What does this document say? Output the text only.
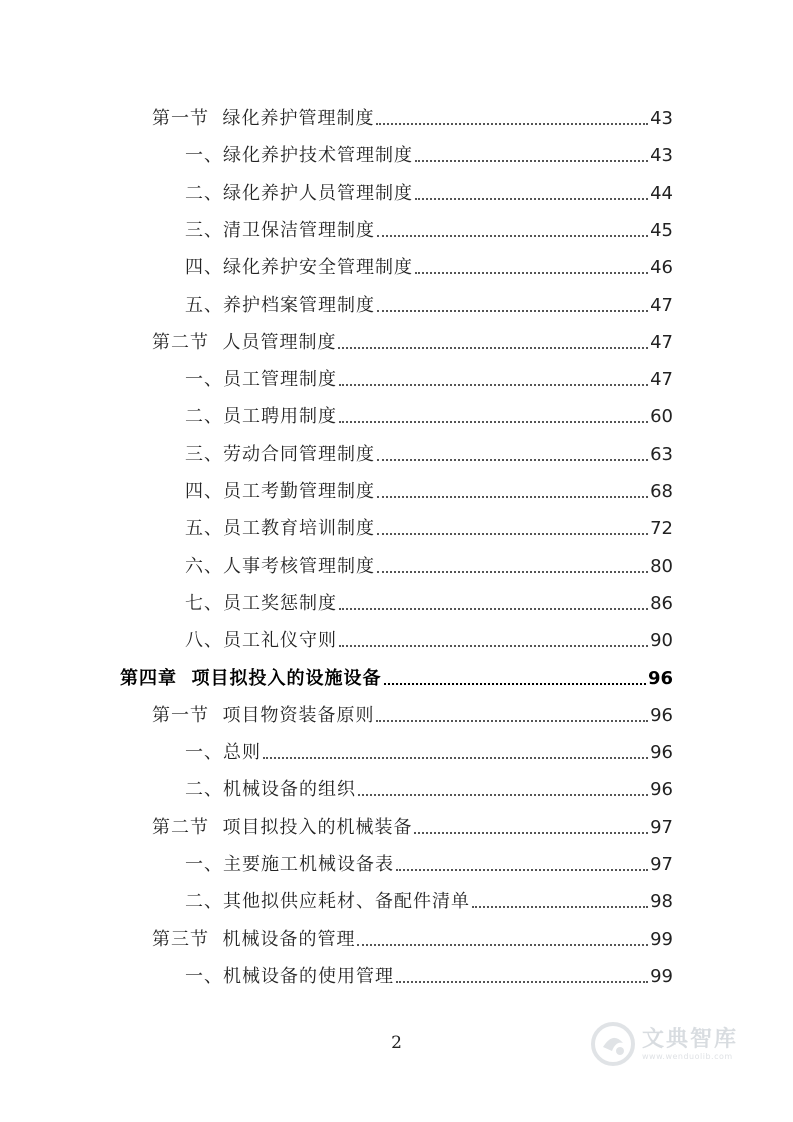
第一节  绿化养护管理制度	43
一、绿化养护技术管理制度	43
二、绿化养护人员管理制度	44
三、清卫保洁管理制度	45
四、绿化养护安全管理制度	46
五、养护档案管理制度	47
第二节  人员管理制度	47
一、员工管理制度	47
二、员工聘用制度	60
三、劳动合同管理制度	63
四、员工考勤管理制度	68
五、员工教育培训制度	72
六、人事考核管理制度	80
七、员工奖惩制度	86
八、员工礼仪守则	90
第四章  项目拟投入的设施设备	96
第一节  项目物资装备原则	96
一、总则	96
二、机械设备的组织	96
第二节  项目拟投入的机械装备	97
一、主要施工机械设备表	97
二、其他拟供应耗材、备配件清单	98
第三节  机械设备的管理	99
一、机械设备的使用管理	99
2	文典智库
www.wenduolib.com
